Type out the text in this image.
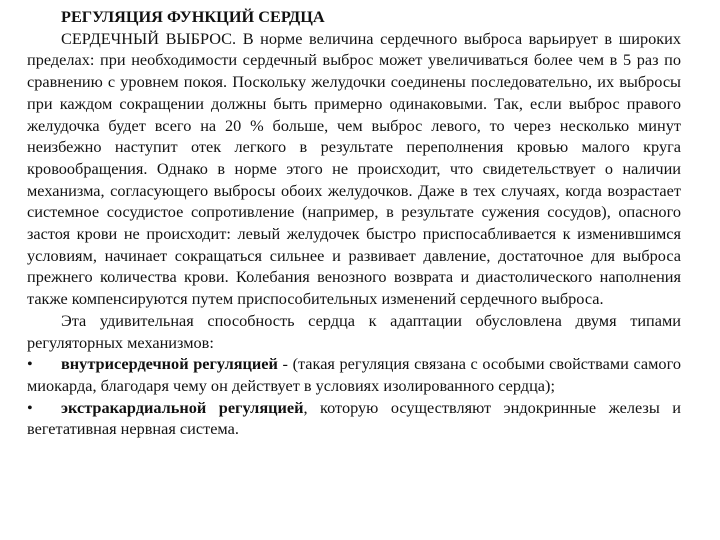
РЕГУЛЯЦИЯ ФУНКЦИЙ СЕРДЦА

СЕРДЕЧНЫЙ ВЫБРОС. В норме величина сердечного выброса варьирует в широких пределах: при необходимости сердечный выброс может увеличиваться более чем в 5 раз по сравнению с уровнем покоя. Поскольку желудочки соединены последовательно, их выбросы при каждом сокращении должны быть примерно одинаковыми. Так, если выброс правого желудочка будет всего на 20 % больше, чем выброс левого, то через несколько минут неизбежно наступит отек легкого в результате переполнения кровью малого круга кровообращения. Однако в норме этого не происходит, что свидетельствует о наличии механизма, согласующего выбросы обоих желудочков. Даже в тех случаях, когда возрастает системное сосудистое сопротивление (например, в результате сужения сосудов), опасного застоя крови не происходит: левый желудочек быстро приспосабливается к изменившимся условиям, начинает сокращаться сильнее и развивает давление, достаточное для выброса прежнего количества крови. Колебания венозного возврата и диастолического наполнения также компенсируются путем приспособительных изменений сердечного выброса.

Эта удивительная способность сердца к адаптации обусловлена двумя типами регуляторных механизмов:

• внутрисердечной регуляцией - (такая регуляция связана с особыми свойствами самого миокарда, благодаря чему он действует в условиях изолированного сердца);

• экстракардиальной регуляцией, которую осуществляют эндокринные железы и вегетативная нервная система.
